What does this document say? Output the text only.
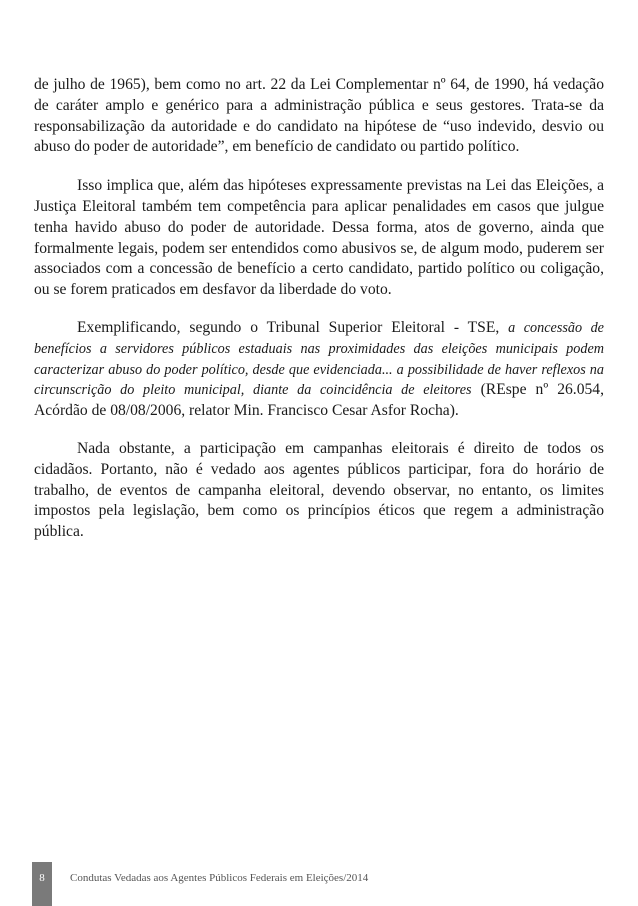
de julho de 1965), bem como no art. 22 da Lei Complementar nº 64, de 1990, há vedação de caráter amplo e genérico para a administração pública e seus gestores. Trata-se da responsabilização da autoridade e do candidato na hipótese de “uso indevido, desvio ou abuso do poder de autoridade”, em benefício de candidato ou partido político.

Isso implica que, além das hipóteses expressamente previstas na Lei das Eleições, a Justiça Eleitoral também tem competência para aplicar penalidades em casos que julgue tenha havido abuso do poder de autoridade. Dessa forma, atos de governo, ainda que formalmente legais, podem ser entendidos como abusivos se, de algum modo, puderem ser associados com a concessão de benefício a certo candidato, partido político ou coligação, ou se forem praticados em desfavor da liberdade do voto.

Exemplificando, segundo o Tribunal Superior Eleitoral - TSE, a concessão de benefícios a servidores públicos estaduais nas proximidades das eleições municipais podem caracterizar abuso do poder político, desde que evidenciada... a possibilidade de haver reflexos na circunscrição do pleito municipal, diante da coincidência de eleitores (REspe nº 26.054, Acórdão de 08/08/2006, relator Min. Francisco Cesar Asfor Rocha).

Nada obstante, a participação em campanhas eleitorais é direito de todos os cidadãos. Portanto, não é vedado aos agentes públicos participar, fora do horário de trabalho, de eventos de campanha eleitoral, devendo observar, no entanto, os limites impostos pela legislação, bem como os princípios éticos que regem a administração pública.

8	Condutas Vedadas aos Agentes Públicos Federais em Eleições/2014
